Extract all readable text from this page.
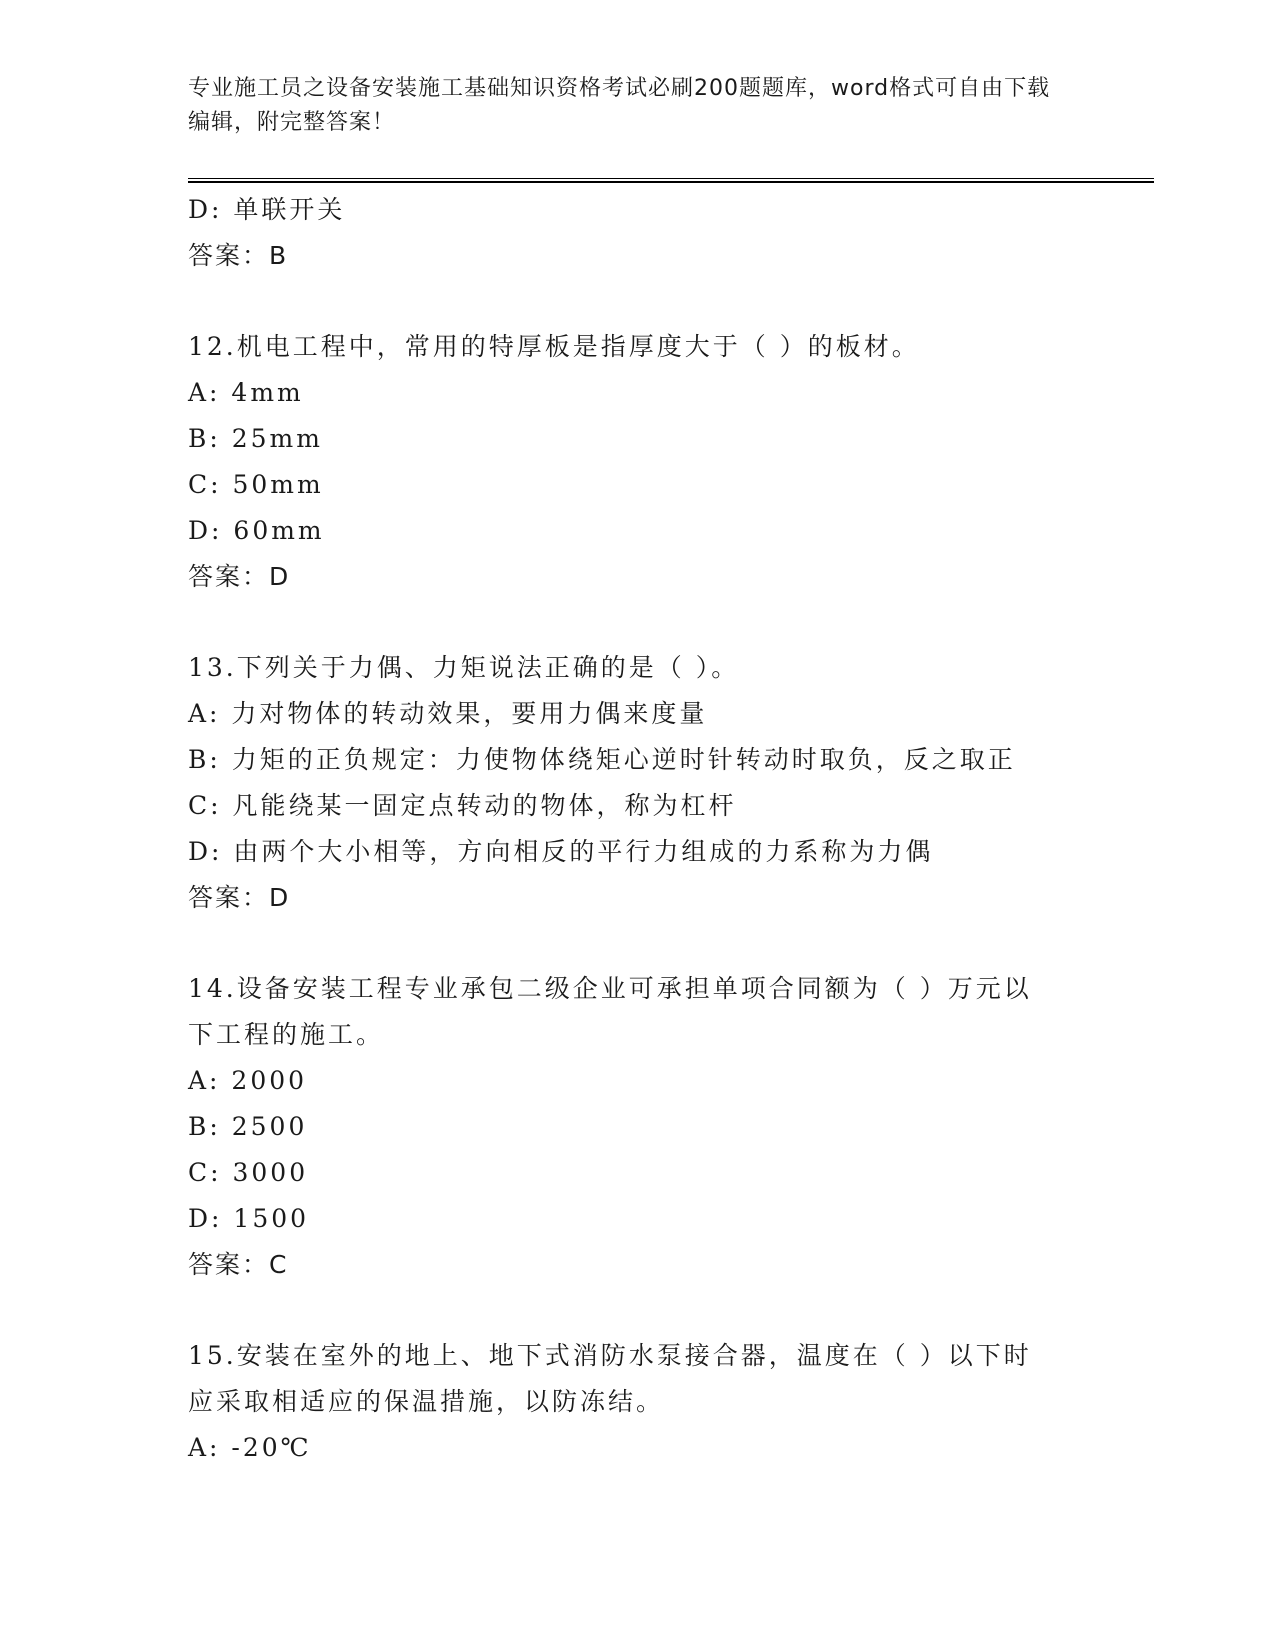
专业施工员之设备安装施工基础知识资格考试必刷200题题库，word格式可自由下载编辑，附完整答案！
D: 单联开关
答案：B
12.机电工程中，常用的特厚板是指厚度大于（ ）的板材。
A: 4mm
B: 25mm
C: 50mm
D: 60mm
答案：D
13.下列关于力偶、力矩说法正确的是（ ）。
A: 力对物体的转动效果，要用力偶来度量
B: 力矩的正负规定：力使物体绕矩心逆时针转动时取负，反之取正
C: 凡能绕某一固定点转动的物体，称为杠杆
D: 由两个大小相等，方向相反的平行力组成的力系称为力偶
答案：D
14.设备安装工程专业承包二级企业可承担单项合同额为（ ）万元以下工程的施工。
A: 2000
B: 2500
C: 3000
D: 1500
答案：C
15.安装在室外的地上、地下式消防水泵接合器，温度在（ ）以下时应采取相适应的保温措施，以防冻结。
A: -20℃
